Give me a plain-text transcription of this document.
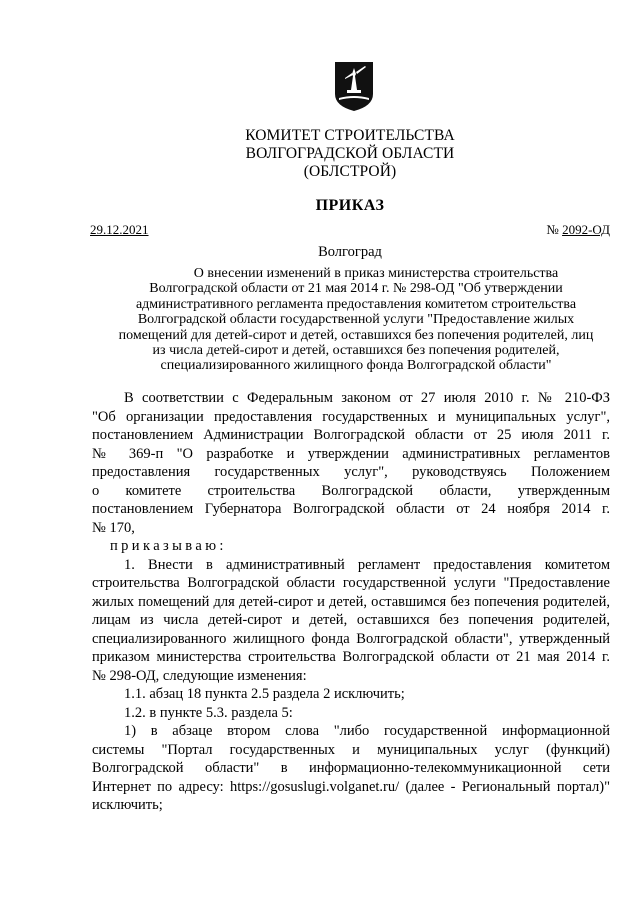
КОМИТЕТ СТРОИТЕЛЬСТВА
ВОЛГОГРАДСКОЙ ОБЛАСТИ
(ОБЛСТРОЙ)
ПРИКАЗ
29.12.2021	№ 2092-ОД
Волгоград
О внесении изменений в приказ министерства строительства
Волгоградской области от 21 мая 2014 г. № 298-ОД "Об утверждении
административного регламента предоставления комитетом строительства
Волгоградской области государственной услуги "Предоставление жилых
помещений для детей-сирот и детей, оставшихся без попечения родителей, лиц
из числа детей-сирот и детей, оставшихся без попечения родителей,
специализированного жилищного фонда Волгоградской области"
В соответствии с Федеральным законом от 27 июля 2010 г. № 210-ФЗ
"Об организации предоставления государственных и муниципальных услуг",
постановлением Администрации Волгоградской области от 25 июля 2011 г.
№ 369-п "О разработке и утверждении административных регламентов
предоставления государственных услуг", руководствуясь Положением
о комитете строительства Волгоградской области, утвержденным
постановлением Губернатора Волгоградской области от 24 ноября 2014 г.
№ 170,
приказываю:
1. Внести в административный регламент предоставления комитетом
строительства Волгоградской области государственной услуги "Предоставление
жилых помещений для детей-сирот и детей, оставшимся без попечения родителей,
лицам из числа детей-сирот и детей, оставшихся без попечения родителей,
специализированного жилищного фонда Волгоградской области", утвержденный
приказом министерства строительства Волгоградской области от 21 мая 2014 г.
№ 298-ОД, следующие изменения:
1.1. абзац 18 пункта 2.5 раздела 2 исключить;
1.2. в пункте 5.3. раздела 5:
1) в абзаце втором слова "либо государственной информационной
системы "Портал государственных и муниципальных услуг (функций)
Волгоградской области" в информационно-телекоммуникационной сети
Интернет по адресу: https://gosuslugi.volganet.ru/ (далее - Региональный портал)"
исключить;
